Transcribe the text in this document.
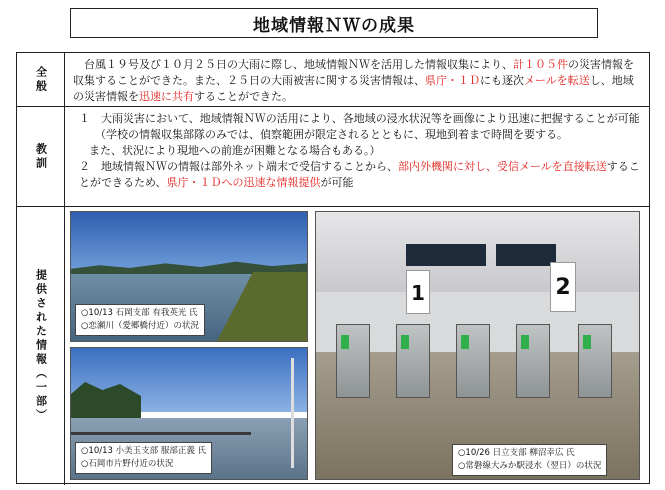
地域情報ＮＷの成果
全般
台風１９号及び１０月２５日の大雨に際し、地域情報ＮＷを活用した情報収集により、計１０５件の災害情報を収集することができた。また、２５日の大雨被害に関する災害情報は、県庁・１Ｄにも逐次メールを転送し、地域の災害情報を迅速に共有することができた。
教訓
１　大雨災害において、地域情報ＮＷの活用により、各地域の浸水状況等を画像により迅速に把握することが可能
（学校の情報収集部隊のみでは、偵察範囲が限定されるとともに、現地到着まで時間を要する。
また、状況により現地への前進が困難となる場合もある。）
２　地域情報ＮＷの情報は部外ネット端末で受信することから、部内外機関に対し、受信メールを直接転送することができるため、県庁・１Ｄへの迅速な情報提供が可能
提供された情報（一部）	○10/13 石岡支部 有我英光 氏
○恋瀬川（愛郷橋付近）の状況
○10/13 小美玉支部 服部正義 氏
○石岡市片野付近の状況
1	2
○10/26 日立支部 柳沼幸広 氏
○常磐線大みか駅浸水（翌日）の状況
